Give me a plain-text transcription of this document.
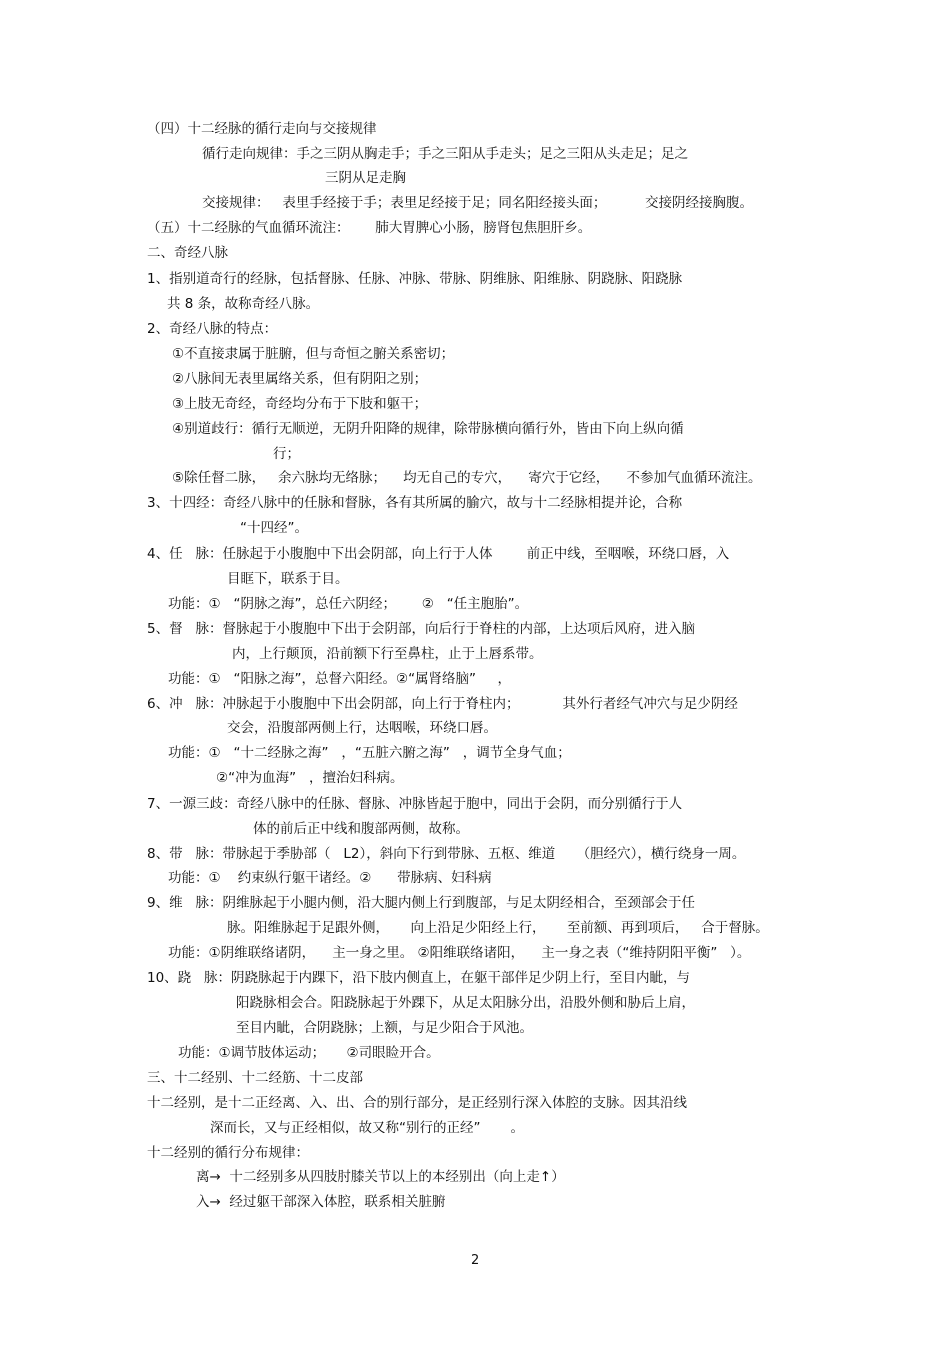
（四）十二经脉的循行走向与交接规律
循行走向规律：手之三阴从胸走手；手之三阳从手走头；足之三阳从头走足；足之
三阴从足走胸
交接规律：   表里手经接于手；表里足经接于足；同名阳经接头面；         交接阴经接胸腹。
（五）十二经脉的气血循环流注：      肺大胃脾心小肠，膀肾包焦胆肝乡。
二、奇经八脉
1、指别道奇行的经脉，包括督脉、任脉、冲脉、带脉、阴维脉、阳维脉、阴跷脉、阳跷脉
共 8 条，故称奇经八脉。
2、奇经八脉的特点：
①不直接隶属于脏腑，但与奇恒之腑关系密切；
②八脉间无表里属络关系，但有阴阳之别；
③上肢无奇经，奇经均分布于下肢和躯干；
④别道歧行：循行无顺逆，无阴升阳降的规律，除带脉横向循行外，皆由下向上纵向循
行；
⑤除任督二脉，   余六脉均无络脉；    均无自己的专穴，    寄穴于它经，    不参加气血循环流注。
3、十四经：奇经八脉中的任脉和督脉，各有其所属的腧穴，故与十二经脉相提并论，合称
“十四经”。
4、任   脉：任脉起于小腹胞中下出会阴部，向上行于人体        前正中线，至咽喉，环绕口唇，入
目眶下，联系于目。
功能：①   “阴脉之海”，总任六阴经；      ②   “任主胞胎”。
5、督   脉：督脉起于小腹胞中下出于会阴部，向后行于脊柱的内部，上达项后风府，进入脑
内，上行颠顶，沿前额下行至鼻柱，止于上唇系带。
功能：①   “阳脉之海”，总督六阳经。②“属肾络脑”     ，
6、冲   脉：冲脉起于小腹胞中下出会阴部，向上行于脊柱内；          其外行者经气冲穴与足少阴经
交会，沿腹部两侧上行，达咽喉，环绕口唇。
功能：①   “十二经脉之海”   ，“五脏六腑之海”   ，调节全身气血；
②“冲为血海”   ，擅治妇科病。
7、一源三歧：奇经八脉中的任脉、督脉、冲脉皆起于胞中，同出于会阴，而分别循行于人
体的前后正中线和腹部两侧，故称。
8、带   脉：带脉起于季胁部（   L2），斜向下行到带脉、五枢、维道     （胆经穴），横行绕身一周。
功能：①    约束纵行躯干诸经。②      带脉病、妇科病
9、维   脉：阴维脉起于小腿内侧，沿大腿内侧上行到腹部，与足太阴经相合，至颈部会于任
脉。阳维脉起于足跟外侧，     向上沿足少阳经上行，     至前额、再到项后，   合于督脉。
功能：①阴维联络诸阴，    主一身之里。 ②阳维联络诸阳，    主一身之表（“维持阴阳平衡”   ）。
10、跷   脉：阴跷脉起于内踝下，沿下肢内侧直上，在躯干部伴足少阴上行，至目内眦，与
阳跷脉相会合。阳跷脉起于外踝下，从足太阳脉分出，沿股外侧和胁后上肩，
至目内眦，合阴跷脉；上额，与足少阳合于风池。
功能：①调节肢体运动；     ②司眼睑开合。
三、十二经别、十二经筋、十二皮部
十二经别，是十二正经离、入、出、合的别行部分，是正经别行深入体腔的支脉。因其沿线
深而长，又与正经相似，故又称“别行的正经”       。
十二经别的循行分布规律：
离→  十二经别多从四肢肘膝关节以上的本经别出（向上走↑）
入→  经过躯干部深入体腔，联系相关脏腑
2
